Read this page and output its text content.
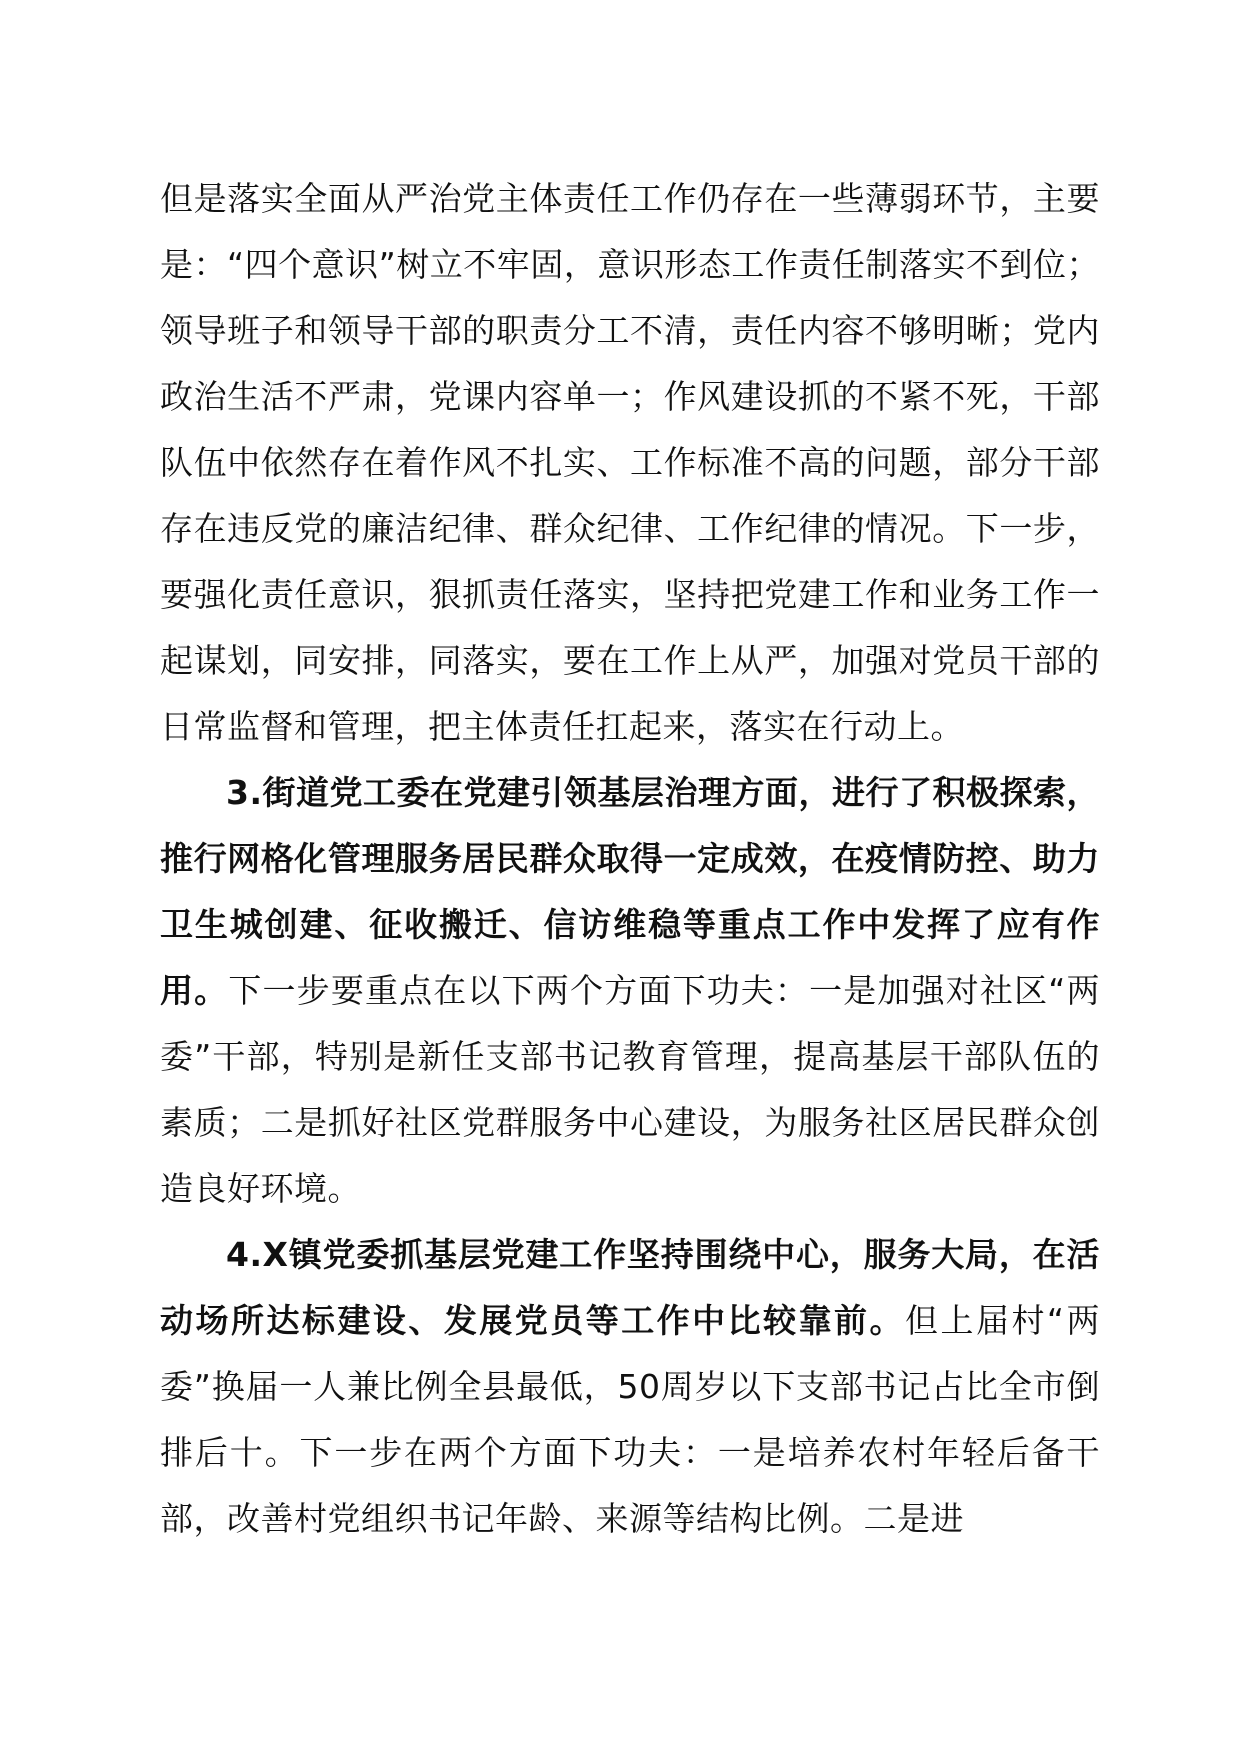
但是落实全面从严治党主体责任工作仍存在一些薄弱环节，主要是：“四个意识”树立不牢固，意识形态工作责任制落实不到位；领导班子和领导干部的职责分工不清，责任内容不够明晰；党内政治生活不严肃，党课内容单一；作风建设抓的不紧不死，干部队伍中依然存在着作风不扎实、工作标准不高的问题，部分干部存在违反党的廉洁纪律、群众纪律、工作纪律的情况。下一步，要强化责任意识，狠抓责任落实，坚持把党建工作和业务工作一起谋划，同安排，同落实，要在工作上从严，加强对党员干部的日常监督和管理，把主体责任扛起来，落实在行动上。

3.街道党工委在党建引领基层治理方面，进行了积极探索，推行网格化管理服务居民群众取得一定成效，在疫情防控、助力卫生城创建、征收搬迁、信访维稳等重点工作中发挥了应有作用。下一步要重点在以下两个方面下功夫：一是加强对社区“两委”干部，特别是新任支部书记教育管理，提高基层干部队伍的素质；二是抓好社区党群服务中心建设，为服务社区居民群众创造良好环境。

4.X镇党委抓基层党建工作坚持围绕中心，服务大局，在活动场所达标建设、发展党员等工作中比较靠前。但上届村“两委”换届一人兼比例全县最低，50周岁以下支部书记占比全市倒排后十。下一步在两个方面下功夫：一是培养农村年轻后备干部，改善村党组织书记年龄、来源等结构比例。二是进
